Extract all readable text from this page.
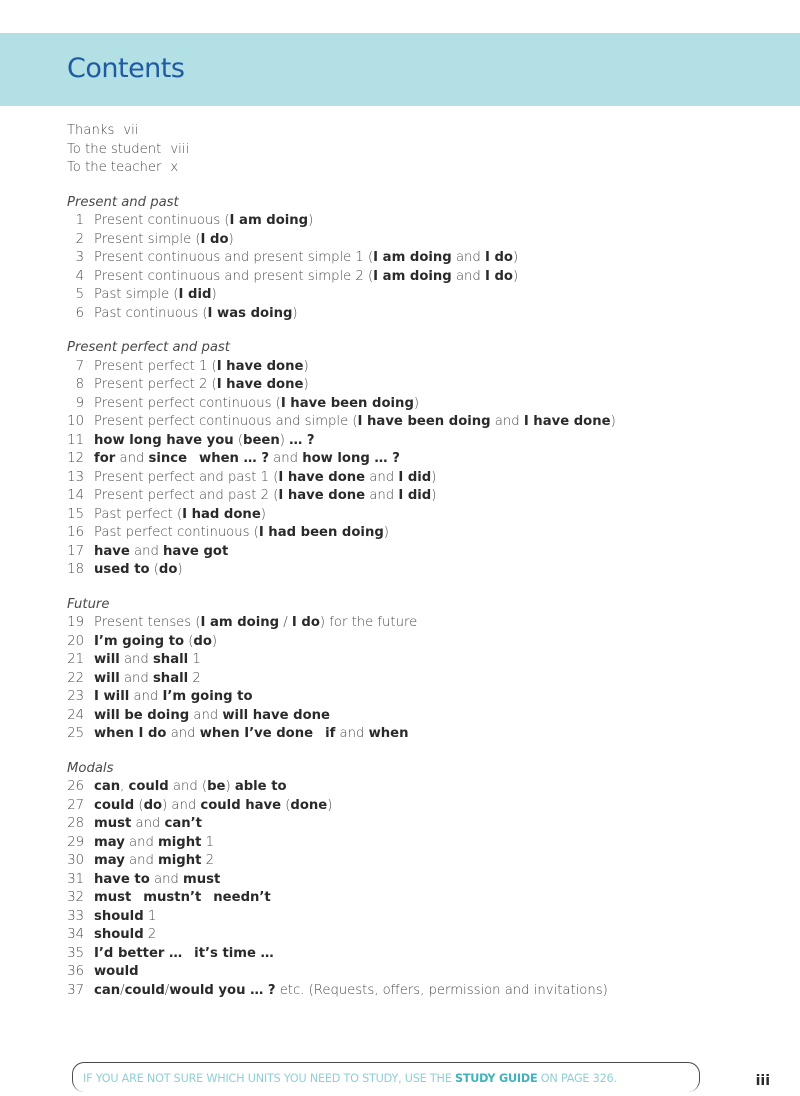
Contents
Thanks vii
To the student viii
To the teacher x
Present and past
1 Present continuous (I am doing)
2 Present simple (I do)
3 Present continuous and present simple 1 (I am doing and I do)
4 Present continuous and present simple 2 (I am doing and I do)
5 Past simple (I did)
6 Past continuous (I was doing)
Present perfect and past
7 Present perfect 1 (I have done)
8 Present perfect 2 (I have done)
9 Present perfect continuous (I have been doing)
10 Present perfect continuous and simple (I have been doing and I have done)
11 how long have you (been) … ?
12 for and since when … ? and how long … ?
13 Present perfect and past 1 (I have done and I did)
14 Present perfect and past 2 (I have done and I did)
15 Past perfect (I had done)
16 Past perfect continuous (I had been doing)
17 have and have got
18 used to (do)
Future
19 Present tenses (I am doing / I do) for the future
20 I’m going to (do)
21 will and shall 1
22 will and shall 2
23 I will and I’m going to
24 will be doing and will have done
25 when I do and when I’ve done if and when
Modals
26 can, could and (be) able to
27 could (do) and could have (done)
28 must and can’t
29 may and might 1
30 may and might 2
31 have to and must
32 must mustn’t needn’t
33 should 1
34 should 2
35 I’d better … it’s time …
36 would
37 can/could/would you … ? etc. (Requests, offers, permission and invitations)
IF YOU ARE NOT SURE WHICH UNITS YOU NEED TO STUDY, USE THE STUDY GUIDE ON PAGE 326.	iii
